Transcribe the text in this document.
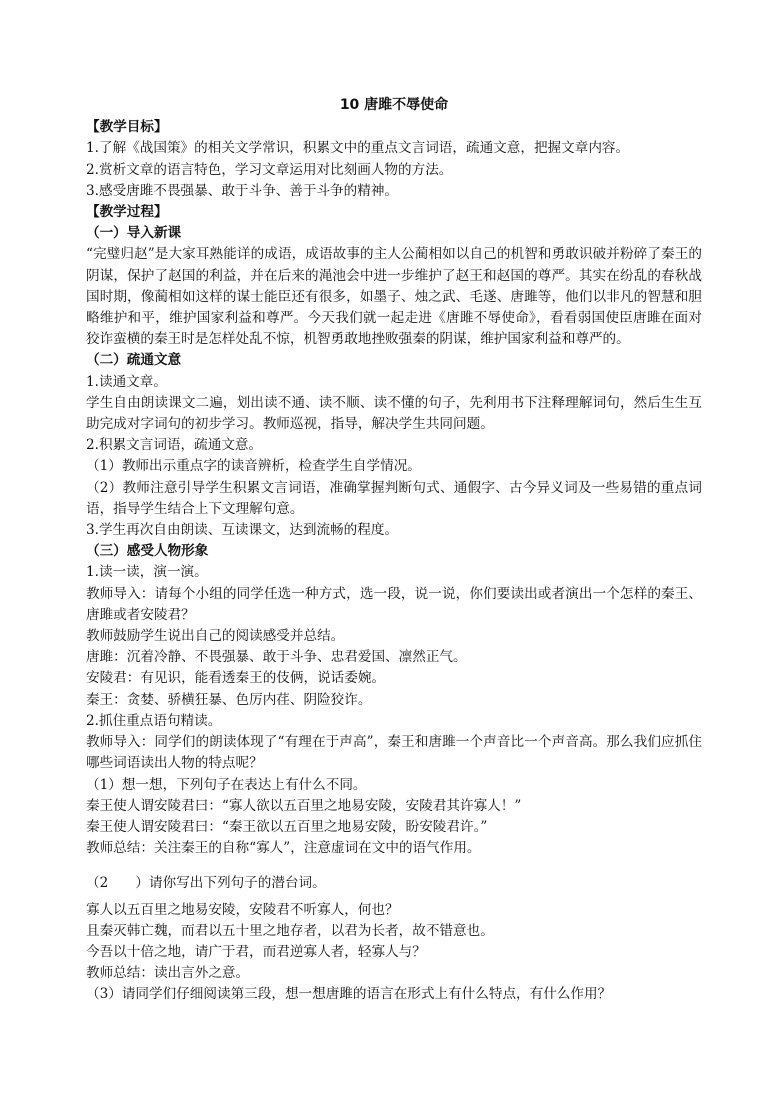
10 唐雎不辱使命
【教学目标】

1.了解《战国策》的相关文学常识，积累文中的重点文言词语，疏通文意，把握文章内容。

2.赏析文章的语言特色，学习文章运用对比刻画人物的方法。

3.感受唐雎不畏强暴、敢于斗争、善于斗争的精神。

【教学过程】
（一）导入新课

“完璧归赵”是大家耳熟能详的成语，成语故事的主人公蔺相如以自己的机智和勇敢识破并粉碎了秦王的阴谋，保护了赵国的利益，并在后来的渑池会中进一步维护了赵王和赵国的尊严。其实在纷乱的春秋战国时期，像蔺相如这样的谋士能臣还有很多，如墨子、烛之武、毛遂、唐雎等，他们以非凡的智慧和胆略维护和平，维护国家利益和尊严。今天我们就一起走进《唐雎不辱使命》，看看弱国使臣唐雎在面对狡诈蛮横的秦王时是怎样处乱不惊，机智勇敢地挫败强秦的阴谋，维护国家利益和尊严的。

（二）疏通文意

1.读通文章。

学生自由朗读课文二遍，划出读不通、读不顺、读不懂的句子，先利用书下注释理解词句，然后生生互助完成对字词句的初步学习。教师巡视，指导，解决学生共同问题。

2.积累文言词语，疏通文意。

（1）教师出示重点字的读音辨析，检查学生自学情况。

（2）教师注意引导学生积累文言词语，准确掌握判断句式、通假字、古今异义词及一些易错的重点词语，指导学生结合上下文理解句意。

3.学生再次自由朗读、互读课文，达到流畅的程度。

（三）感受人物形象

1.读一读，演一演。

教师导入：请每个小组的同学任选一种方式，选一段，说一说，你们要读出或者演出一个怎样的秦王、唐雎或者安陵君？

教师鼓励学生说出自己的阅读感受并总结。

唐雎：沉着冷静、不畏强暴、敢于斗争、忠君爱国、凛然正气。

安陵君：有见识，能看透秦王的伎俩，说话委婉。

秦王：贪婪、骄横狂暴、色厉内荏、阴险狡诈。

2.抓住重点语句精读。

教师导入：同学们的朗读体现了“有理在于声高”，秦王和唐雎一个声音比一个声音高。那么我们应抓住哪些词语读出人物的特点呢？

（1）想一想，下列句子在表达上有什么不同。

秦王使人谓安陵君曰：“寡人欲以五百里之地易安陵，安陵君其许寡人！”

秦王使人谓安陵君曰：“秦王欲以五百里之地易安陵，盼安陵君许。”

教师总结：关注秦王的自称“寡人”，注意虚词在文中的语气作用。

（2　　）请你写出下列句子的潜台词。

寡人以五百里之地易安陵，安陵君不听寡人，何也？

且秦灭韩亡魏，而君以五十里之地存者，以君为长者，故不错意也。

今吾以十倍之地，请广于君，而君逆寡人者，轻寡人与？

教师总结：读出言外之意。

（3）请同学们仔细阅读第三段，想一想唐雎的语言在形式上有什么特点，有什么作用？
